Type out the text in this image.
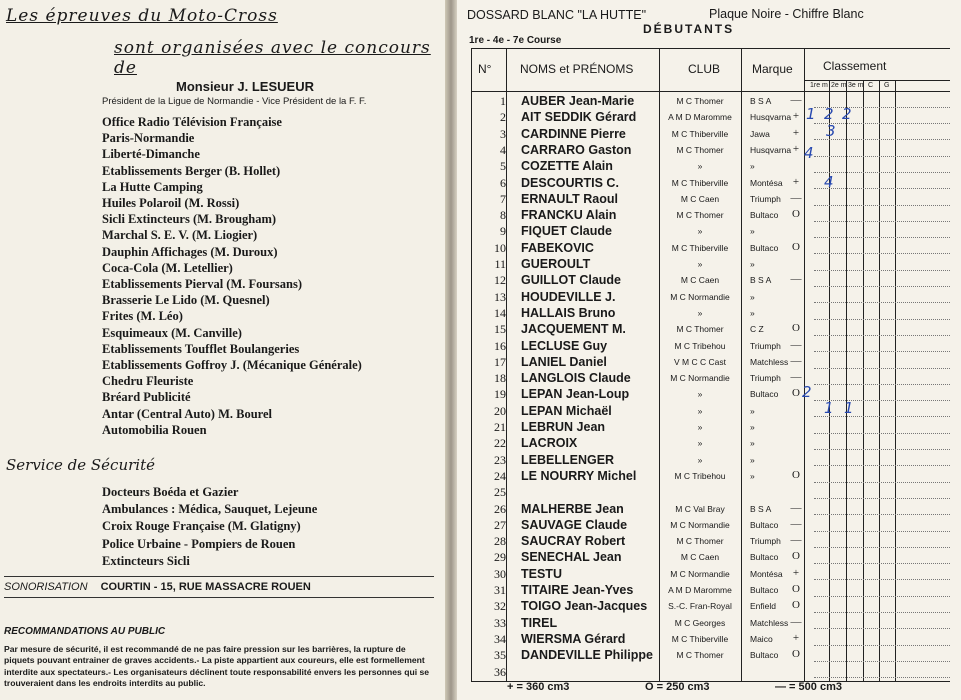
Les épreuves du Moto-Cross
sont organisées avec le concours de
Monsieur J. LESUEUR
Président de la Ligue de Normandie - Vice Président de la F. F.
Office Radio Télévision Française
Paris-Normandie
Liberté-Dimanche
Etablissements Berger (B. Hollet)
La Hutte Camping
Huiles Polaroil (M. Rossi)
Sicli Extincteurs (M. Brougham)
Marchal S. E. V. (M. Liogier)
Dauphin Affichages (M. Duroux)
Coca-Cola (M. Letellier)
Etablissements Pierval (M. Foursans)
Brasserie Le Lido (M. Quesnel)
Frites (M. Léo)
Esquimeaux (M. Canville)
Etablissements Toufflet Boulangeries
Etablissements Goffroy J. (Mécanique Générale)
Chedru Fleuriste
Bréard Publicité
Antar (Central Auto) M. Bourel
Automobilia Rouen
Service de Sécurité
Docteurs Boéda et Gazier
Ambulances : Médica, Sauquet, Lejeune
Croix Rouge Française (M. Glatigny)
Police Urbaine - Pompiers de Rouen
Extincteurs Sicli
SONORISATION COURTIN - 15, RUE MASSACRE ROUEN
RECOMMANDATIONS AU PUBLIC
Par mesure de sécurité, il est recommandé de ne pas faire pression sur les barrières, la rupture de piquets pouvant entrainer de graves accidents.- La piste appartient aux coureurs, elle est formellement interdite aux spectateurs.- Les organisateurs déclinent toute responsabilité envers les personnes qui se trouveraient dans les endroits interdits au public.
DOSSARD BLANC "LA HUTTE"	Plaque Noire - Chiffre Blanc
DÉBUTANTS
1re - 4e - 7e Course
N° NOMS et PRÉNOMS	CLUB	Marque	Classement
1re m 2e m 3e m C G
1 AUBER Jean-Marie	M C Thomer	B S A	—
2 AIT SEDDIK Gérard	A M D Maromme	Husqvarna +
3 CARDINNE Pierre	M C Thiberville	Jawa	+
4 CARRARO Gaston	M C Thomer	Husqvarna +
5 COZETTE Alain	»	»
6 DESCOURTIS C.	M C Thiberville	Montésa +
7 ERNAULT Raoul	M C Caen	Triumph —
8 FRANCKU Alain	M C Thomer	Bultaco	O
9 FIQUET Claude	»	»
10 FABEKOVIC	M C Thiberville	Bultaco	O
11 GUEROULT	»	»
12 GUILLOT Claude	M C Caen	B S A	—
13 HOUDEVILLE J.	M C Normandie	»
14 HALLAIS Bruno	»	»
15 JACQUEMENT M.	M C Thomer	C Z	O
16 LECLUSE Guy	M C Tribehou	Triumph —
17 LANIEL Daniel	V M C C Cast	Matchless —
18 LANGLOIS Claude	M C Normandie	Triumph —
19 LEPAN Jean-Loup	»	Bultaco	O
20 LEPAN Michaël	»	»
21 LEBRUN Jean	»	»
22 LACROIX	»	»
23 LEBELLENGER	»	»
24 LE NOURRY Michel	M C Tribehou	»	O
25
26 MALHERBE Jean	M C Val Bray	B S A	—
27 SAUVAGE Claude	M C Normandie	Bultaco	—
28 SAUCRAY Robert	M C Thomer	Triumph —
29 SENECHAL Jean	M C Caen	Bultaco	O
30 TESTU	M C Normandie	Montésa +
31 TITAIRE Jean-Yves	A M D Maromme	Bultaco	O
32 TOIGO Jean-Jacques	S.-C. Fran-Royal	Enfield	O
33 TIREL	M C Georges	Matchless —
34 WIERSMA Gérard	M C Thiberville	Maico	+
35 DANDEVILLE Philippe	M C Thomer	Bultaco	O
36
1 2 2
3
4
4
2
1 1
+ = 360 cm3	O = 250 cm3	— = 500 cm3
